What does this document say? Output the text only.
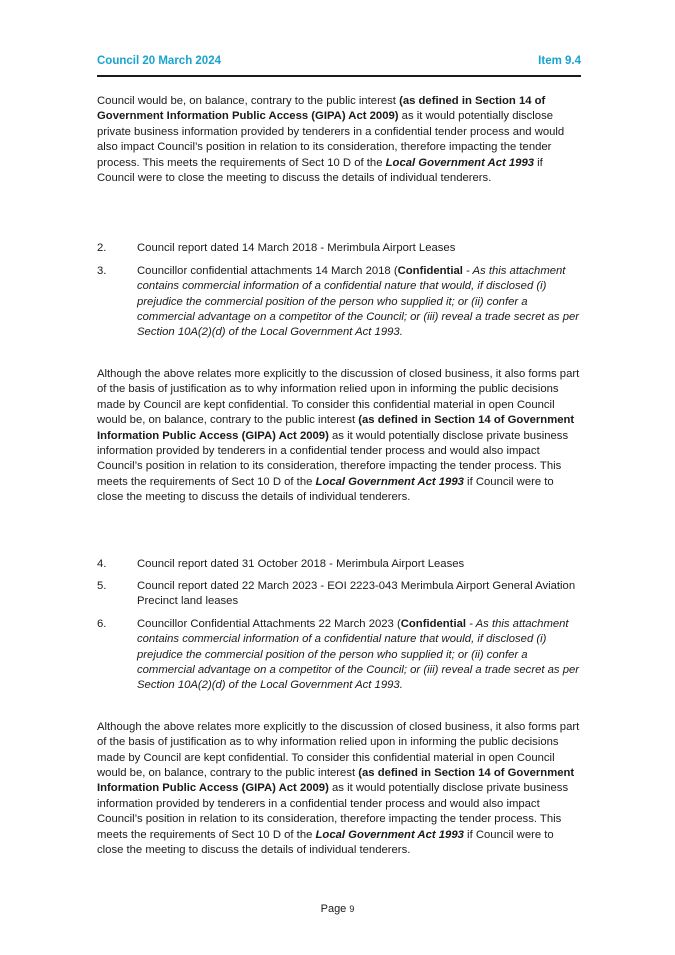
Council 20 March 2024	Item 9.4

Council would be, on balance, contrary to the public interest (as defined in Section 14 of Government Information Public Access (GIPA) Act 2009) as it would potentially disclose private business information provided by tenderers in a confidential tender process and would also impact Council’s position in relation to its consideration, therefore impacting the tender process. This meets the requirements of Sect 10 D of the Local Government Act 1993 if Council were to close the meeting to discuss the details of individual tenderers.

2.	Council report dated 14 March 2018 - Merimbula Airport Leases
3.	Councillor confidential attachments 14 March 2018 (Confidential - As this attachment contains commercial information of a confidential nature that would, if disclosed (i) prejudice the commercial position of the person who supplied it; or (ii) confer a commercial advantage on a competitor of the Council; or (iii) reveal a trade secret as per Section 10A(2)(d) of the Local Government Act 1993.

Although the above relates more explicitly to the discussion of closed business, it also forms part of the basis of justification as to why information relied upon in informing the public decisions made by Council are kept confidential. To consider this confidential material in open Council would be, on balance, contrary to the public interest (as defined in Section 14 of Government Information Public Access (GIPA) Act 2009) as it would potentially disclose private business information provided by tenderers in a confidential tender process and would also impact Council’s position in relation to its consideration, therefore impacting the tender process. This meets the requirements of Sect 10 D of the Local Government Act 1993 if Council were to close the meeting to discuss the details of individual tenderers.

4.	Council report dated 31 October 2018 - Merimbula Airport Leases
5.	Council report dated 22 March 2023 - EOI 2223-043 Merimbula Airport General Aviation Precinct land leases
6.	Councillor Confidential Attachments 22 March 2023 (Confidential - As this attachment contains commercial information of a confidential nature that would, if disclosed (i) prejudice the commercial position of the person who supplied it; or (ii) confer a commercial advantage on a competitor of the Council; or (iii) reveal a trade secret as per Section 10A(2)(d) of the Local Government Act 1993.

Although the above relates more explicitly to the discussion of closed business, it also forms part of the basis of justification as to why information relied upon in informing the public decisions made by Council are kept confidential. To consider this confidential material in open Council would be, on balance, contrary to the public interest (as defined in Section 14 of Government Information Public Access (GIPA) Act 2009) as it would potentially disclose private business information provided by tenderers in a confidential tender process and would also impact Council’s position in relation to its consideration, therefore impacting the tender process. This meets the requirements of Sect 10 D of the Local Government Act 1993 if Council were to close the meeting to discuss the details of individual tenderers.

Page 9
